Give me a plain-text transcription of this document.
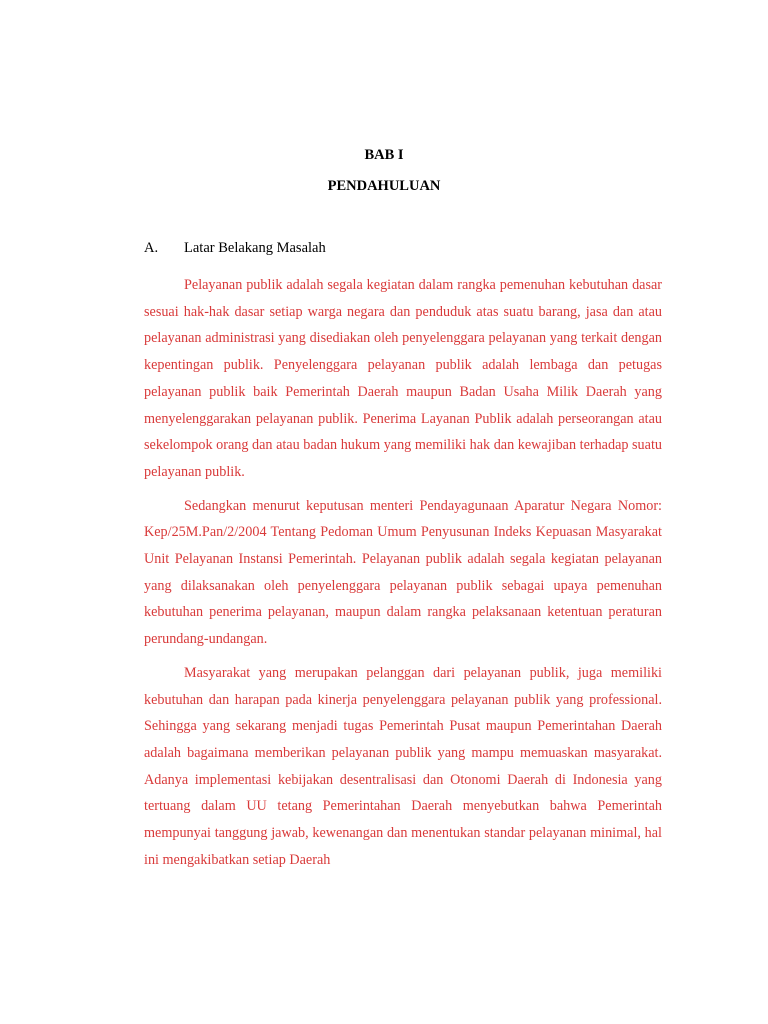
BAB I
PENDAHULUAN
A.	Latar Belakang Masalah

Pelayanan publik adalah segala kegiatan dalam rangka pemenuhan kebutuhan dasar sesuai hak-hak dasar setiap warga negara dan penduduk atas suatu barang, jasa dan atau pelayanan administrasi yang disediakan oleh penyelenggara pelayanan yang terkait dengan kepentingan publik. Penyelenggara pelayanan publik adalah lembaga dan petugas pelayanan publik baik Pemerintah Daerah maupun Badan Usaha Milik Daerah yang menyelenggarakan pelayanan publik. Penerima Layanan Publik adalah perseorangan atau sekelompok orang dan atau badan hukum yang memiliki hak dan kewajiban terhadap suatu pelayanan publik.

Sedangkan menurut keputusan menteri Pendayagunaan Aparatur Negara Nomor: Kep/25M.Pan/2/2004 Tentang Pedoman Umum Penyusunan Indeks Kepuasan Masyarakat Unit Pelayanan Instansi Pemerintah. Pelayanan publik adalah segala kegiatan pelayanan yang dilaksanakan oleh penyelenggara pelayanan publik sebagai upaya pemenuhan kebutuhan penerima pelayanan, maupun dalam rangka pelaksanaan ketentuan peraturan perundang-undangan.

Masyarakat yang merupakan pelanggan dari pelayanan publik, juga memiliki kebutuhan dan harapan pada kinerja penyelenggara pelayanan publik yang professional. Sehingga yang sekarang menjadi tugas Pemerintah Pusat maupun Pemerintahan Daerah adalah bagaimana memberikan pelayanan publik yang mampu memuaskan masyarakat. Adanya implementasi kebijakan desentralisasi dan Otonomi Daerah di Indonesia yang tertuang dalam UU tetang Pemerintahan Daerah menyebutkan bahwa Pemerintah mempunyai tanggung jawab, kewenangan dan menentukan standar pelayanan minimal, hal ini mengakibatkan setiap Daerah
